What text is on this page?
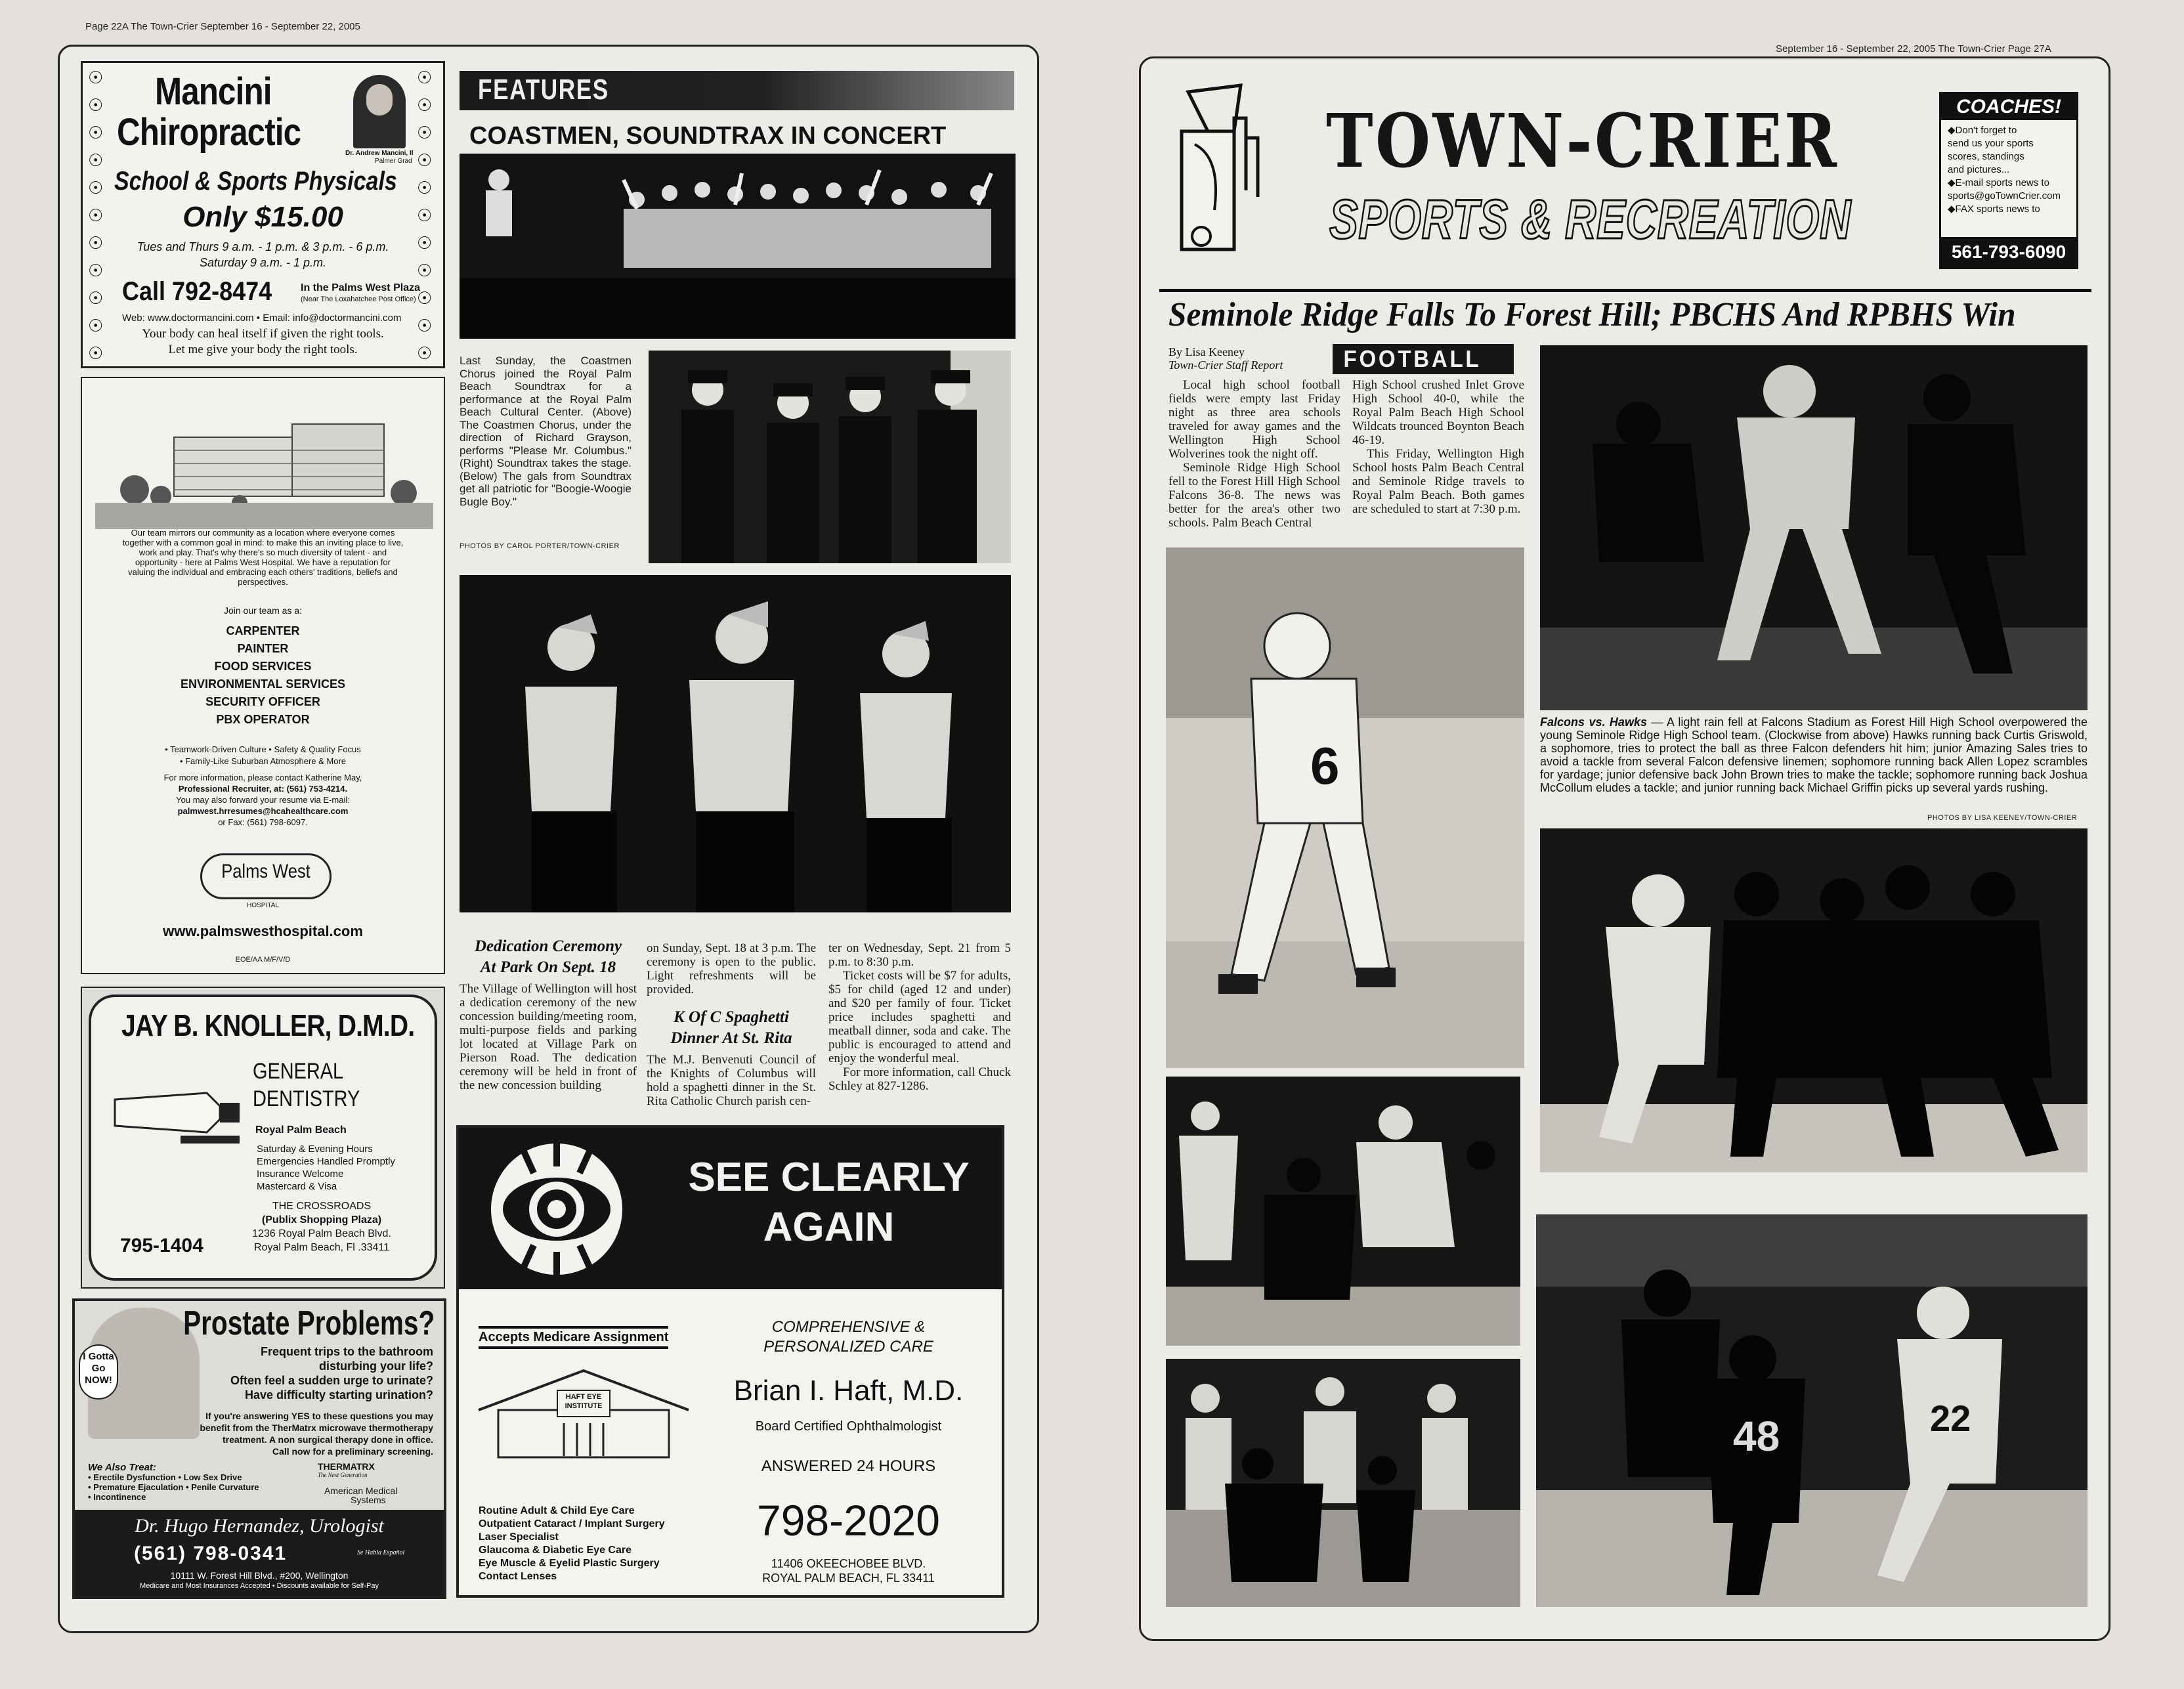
Page 22A The Town-Crier September 16 - September 22, 2005
September 16 - September 22, 2005 The Town-Crier Page 27A
☉
☉
☉
☉
☉
☉
☉
☉
☉
☉
☉
☉
☉
☉
☉
☉
☉
☉
☉
☉
☉
☉
Mancini
Chiropractic	Dr. Andrew Mancini, II
Palmer Grad
School & Sports Physicals
Only $15.00
Tues and Thurs 9 a.m. - 1 p.m. & 3 p.m. - 6 p.m.
Saturday 9 a.m. - 1 p.m.
Call 792-8474	In the Palms West Plaza
(Near The Loxahatchee Post Office)
Web: www.doctormancini.com • Email: info@doctormancini.com
Your body can heal itself if given the right tools.
Let me give your body the right tools.
Our team mirrors our community as a location where everyone comes together with a common goal in mind: to make this an inviting place to live, work and play. That's why there's so much diversity of talent - and opportunity - here at Palms West Hospital. We have a reputation for valuing the individual and embracing each others' traditions, beliefs and perspectives.
Join our team as a:
CARPENTER
PAINTER
FOOD SERVICES
ENVIRONMENTAL SERVICES
SECURITY OFFICER
PBX OPERATOR
• Teamwork-Driven Culture • Safety & Quality Focus
• Family-Like Suburban Atmosphere & More
For more information, please contact Katherine May,
Professional Recruiter, at: (561) 753-4214.
You may also forward your resume via E-mail:
palmwest.hrresumes@hcahealthcare.com
or Fax: (561) 798-6097.
Palms West
HOSPITAL
www.palmswesthospital.com
EOE/AA M/F/V/D
JAY B. KNOLLER, D.M.D.
GENERAL
DENTISTRY
Royal Palm Beach
Saturday & Evening Hours
Emergencies Handled Promptly
Insurance Welcome
Mastercard & Visa
THE CROSSROADS
(Publix Shopping Plaza)
1236 Royal Palm Beach Blvd.
Royal Palm Beach, Fl .33411
795-1404
I Gotta Go NOW!
Prostate Problems?
Frequent trips to the bathroom
disturbing your life?
Often feel a sudden urge to urinate?
Have difficulty starting urination?
If you're answering YES to these questions you may
benefit from the TherMatrx microwave thermotherapy
treatment. A non surgical therapy done in office.
Call now for a preliminary screening.
We Also Treat:
• Erectile Dysfunction • Low Sex Drive
• Premature Ejaculation • Penile Curvature
• Incontinence
THERMATRX
The Next Generation
American Medical
Systems
Dr. Hugo Hernandez, Urologist
(561) 798-0341	Se Habla Español
10111 W. Forest Hill Blvd., #200, Wellington
Medicare and Most Insurances Accepted • Discounts available for Self-Pay
FEATURES
COASTMEN, SOUNDTRAX IN CONCERT
Last Sunday, the Coastmen Chorus joined the Royal Palm Beach Soundtrax for a performance at the Royal Palm Beach Cultural Center. (Above) The Coastmen Chorus, under the direction of Richard Grayson, performs "Please Mr. Columbus." (Right) Soundtrax takes the stage. (Below) The gals from Soundtrax get all patriotic for "Boogie-Woogie Bugle Boy."
PHOTOS BY CAROL PORTER/TOWN-CRIER
Dedication Ceremony
At Park On Sept. 18
The Village of Wellington will host a dedication ceremony of the new concession building/meeting room, multi-purpose fields and parking lot located at Village Park on Pierson Road. The dedication ceremony will be held in front of the new concession building
on Sunday, Sept. 18 at 3 p.m. The ceremony is open to the public. Light refreshments will be provided.
K Of C Spaghetti
Dinner At St. Rita
The M.J. Benvenuti Council of the Knights of Columbus will hold a spaghetti dinner in the St. Rita Catholic Church parish cen-
ter on Wednesday, Sept. 21 from 5 p.m. to 8:30 p.m.
Ticket costs will be $7 for adults, $5 for child (aged 12 and under) and $20 per family of four. Ticket price includes spaghetti and meatball dinner, soda and cake. The public is encouraged to attend and enjoy the wonderful meal.
For more information, call Chuck Schley at 827-1286.
SEE CLEARLY
AGAIN
Accepts Medicare Assignment
HAFT EYE
INSTITUTE
Routine Adult & Child Eye Care
Outpatient Cataract / Implant Surgery
Laser Specialist
Glaucoma & Diabetic Eye Care
Eye Muscle & Eyelid Plastic Surgery
Contact Lenses
COMPREHENSIVE &
PERSONALIZED CARE
Brian I. Haft, M.D.
Board Certified Ophthalmologist
ANSWERED 24 HOURS
798-2020
11406 OKEECHOBEE BLVD.
ROYAL PALM BEACH, FL 33411
TOWN-CRIER
SPORTS & RECREATION
COACHES!
◆Don't forget to
send us your sports
scores, standings
and pictures...
◆E-mail sports news to
sports@goTownCrier.com
◆FAX sports news to
561-793-6090
Seminole Ridge Falls To Forest Hill; PBCHS And RPBHS Win
By Lisa Keeney
Town-Crier Staff Report	FOOTBALL
Local high school football fields were empty last Friday night as three area schools traveled for away games and the Wellington High School Wolverines took the night off.
Seminole Ridge High School fell to the Forest Hill High School Falcons 36-8. The news was better for the area's other two schools. Palm Beach Central
High School crushed Inlet Grove High School 40-0, while the Royal Palm Beach High School Wildcats trounced Boynton Beach 46-19.
This Friday, Wellington High School hosts Palm Beach Central and Seminole Ridge travels to Royal Palm Beach. Both games are scheduled to start at 7:30 p.m.
Falcons vs. Hawks — A light rain fell at Falcons Stadium as Forest Hill High School overpowered the young Seminole Ridge High School team. (Clockwise from above) Hawks running back Curtis Griswold, a sophomore, tries to protect the ball as three Falcon defenders hit him; junior Amazing Sales tries to avoid a tackle from several Falcon defensive linemen; sophomore running back Allen Lopez scrambles for yardage; junior defensive back John Brown tries to make the tackle; sophomore running back Joshua McCollum eludes a tackle; and junior running back Michael Griffin picks up several yards rushing.
PHOTOS BY LISA KEENEY/TOWN-CRIER
6
48	22
